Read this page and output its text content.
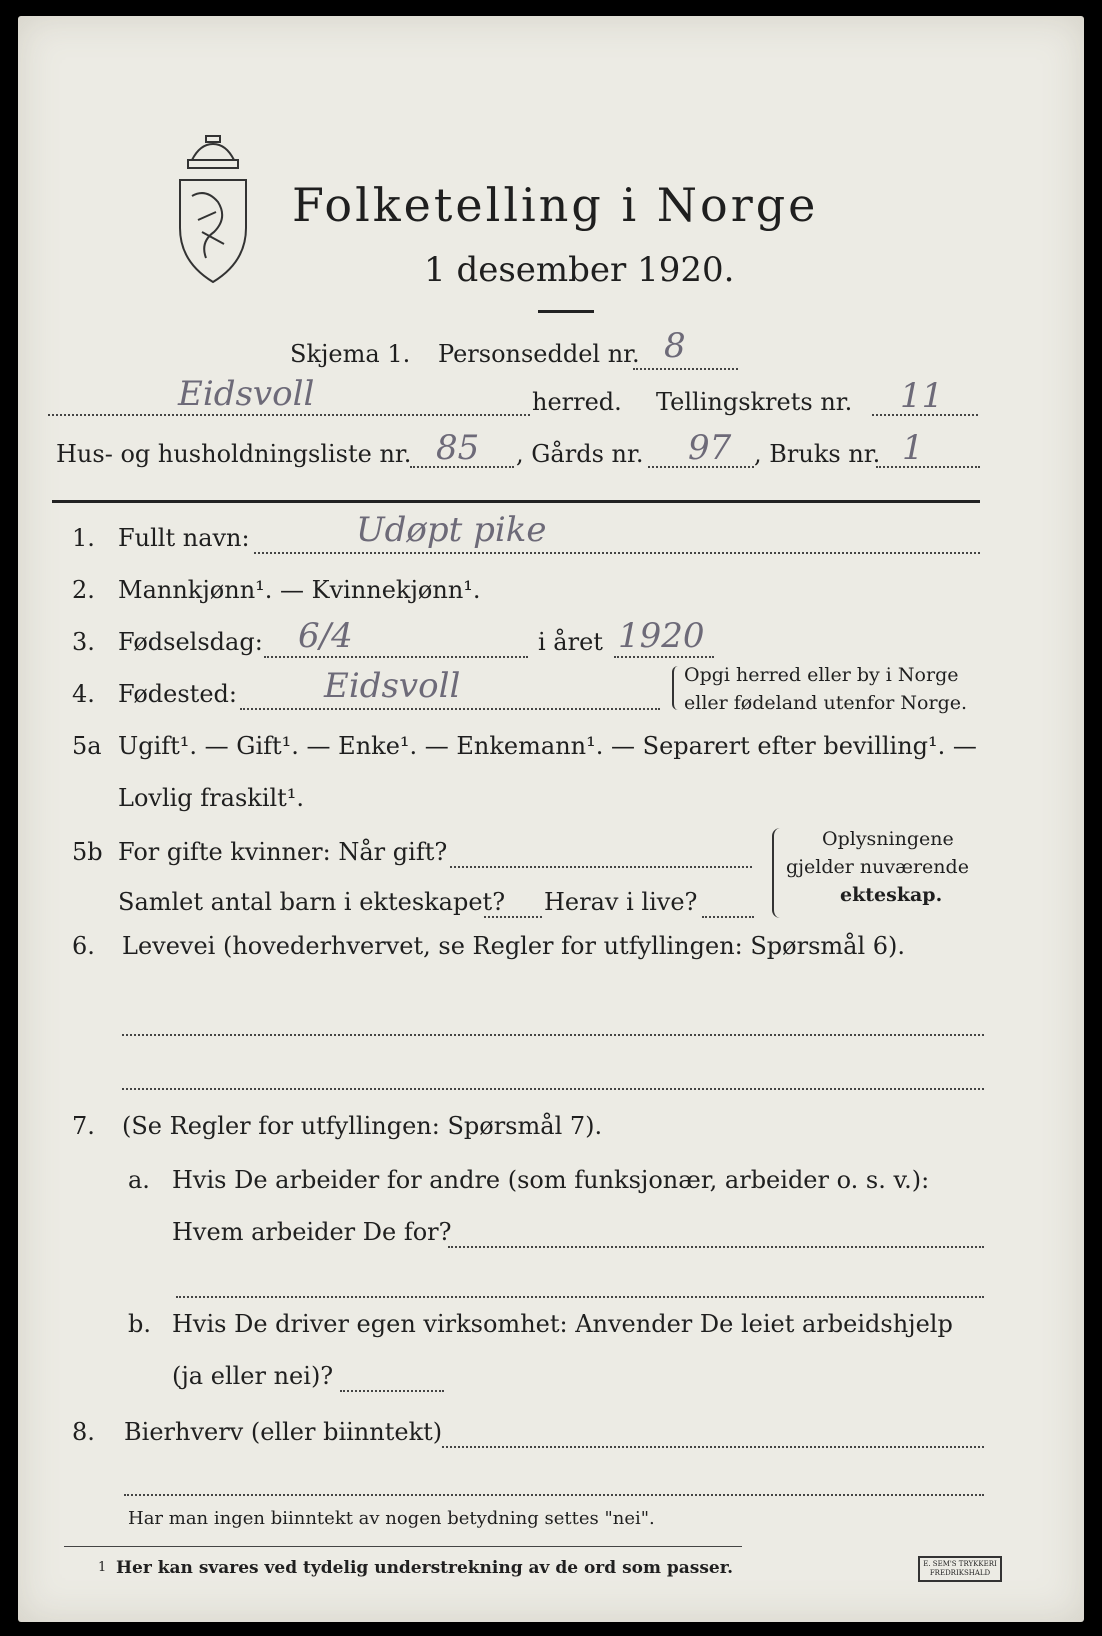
Folketelling i Norge
1 desember 1920.
Skjema 1. Personseddel nr. 8
Eidsvoll	herred. Tellingskrets nr. 11
Hus- og husholdningsliste nr. 85 , Gårds nr. 97 , Bruks nr. 1
1. Fullt navn:	Udøpt pike
2. Mannkjønn¹. — Kvinnekjønn¹.
3. Fødselsdag: 6/4	i året 1920
4. Fødested:	Eidsvoll	Opgi herred eller by i Norge
eller fødeland utenfor Norge.
5a Ugift¹. — Gift¹. — Enke¹. — Enkemann¹. — Separert efter bevilling¹. —
Lovlig fraskilt¹.
5b For gifte kvinner: Når gift?
Samlet antal barn i ekteskapet? Herav i live?
Oplysningene
gjelder nuværende
ekteskap.
6. Levevei (hovederhvervet, se Regler for utfyllingen: Spørsmål 6).
7. (Se Regler for utfyllingen: Spørsmål 7).
a. Hvis De arbeider for andre (som funksjonær, arbeider o. s. v.):
Hvem arbeider De for?
b. Hvis De driver egen virksomhet: Anvender De leiet arbeidshjelp
(ja eller nei)?
8. Bierhverv (eller biinntekt)
Har man ingen biinntekt av nogen betydning settes "nei".
1 Her kan svares ved tydelig understrekning av de ord som passer.	E. SEM'S TRYKKERI
FREDRIKSHALD
